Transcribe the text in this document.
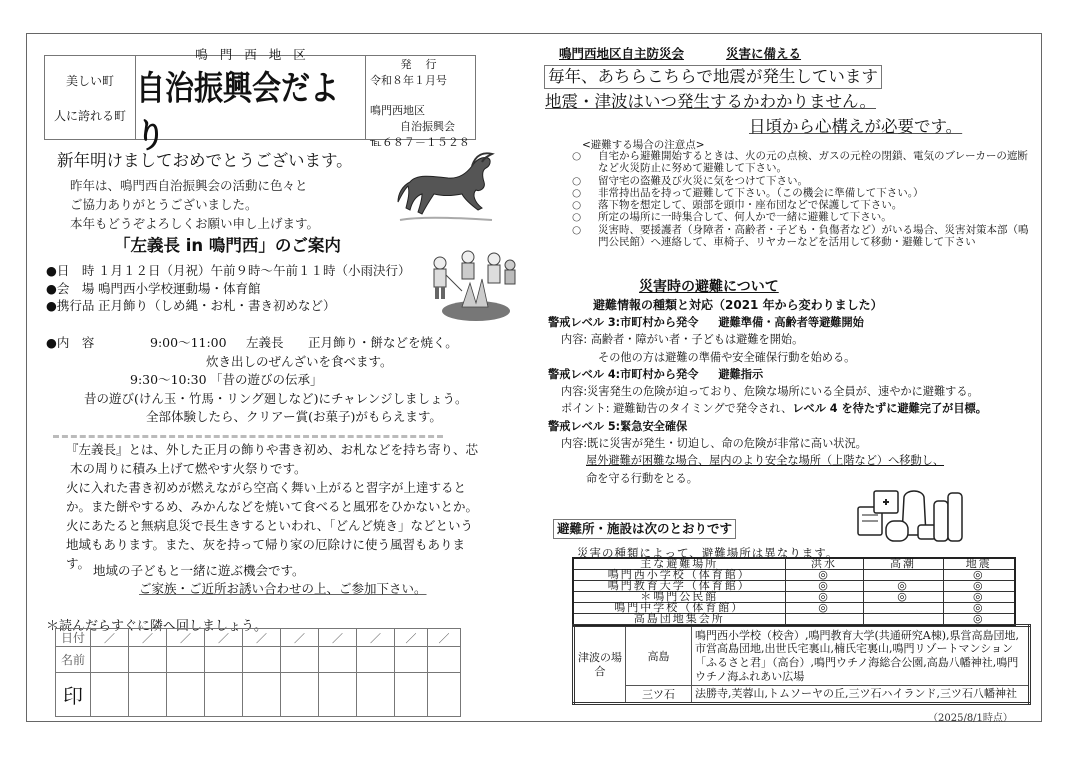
美しい町
人に誇れる町
鳴門西地区
自治振興会だより
発行
令和８年１月号
鳴門西地区
自治振興会
℡６８７－１５２８
新年明けましておめでとうございます。
昨年は、鳴門西自治振興会の活動に色々と
ご協力ありがとうございました。
本年もどうぞよろしくお願い申し上げます。
「左義長 in 鳴門西」のご案内
●日　時 １月１２日（月祝）午前９時～午前１１時（小雨決行）
●会　場 鳴門西小学校運動場・体育館
●携行品 正月飾り（しめ縄・お札・書き初めなど）
●内　容	9:00～11:00 左義長 正月飾り・餅などを焼く。
炊き出しのぜんざいを食べます。
9:30～10:30 「昔の遊びの伝承」
昔の遊び(けん玉・竹馬・リング廻しなど)にチャレンジしましょう。
全部体験したら、クリアー賞(お菓子)がもらえます。
『左義長』とは、外した正月の飾りや書き初め、お札などを持ち寄り、芯
木の周りに積み上げて燃やす火祭りです。
火に入れた書き初めが燃えながら空高く舞い上がると習字が上達すると
か。また餅やするめ、みかんなどを焼いて食べると風邪をひかないとか。
火にあたると無病息災で長生きするといわれ、「どんど焼き」などという
地域もあります。また、灰を持って帰り家の厄除けに使う風習もあります。 地域の子どもと一緒に遊ぶ機会です。
ご家族・ご近所お誘い合わせの上、ご参加下さい。
＊読んだらすぐに隣へ回しましょう。
日付	／	／	／	／	／	／	／	／	／	／
名前										
印										
鳴門西地区自主防災会	災害に備える
毎年、あちらこちらで地震が発生しています
地震・津波はいつ発生するかわかりません。
日頃から心構えが必要です。
<避難する場合の注意点>
○	自宅から避難開始するときは、火の元の点検、ガスの元栓の閉鎖、電気のブレーカーの遮断など火災防止に努めて避難して下さい。
○	留守宅の盗難及び火災に気をつけて下さい。
○	非常持出品を持って避難して下さい。（この機会に準備して下さい。）
○	落下物を想定して、頭部を頭巾・座布団などで保護して下さい。
○	所定の場所に一時集合して、何人かで一緒に避難して下さい。
○	災害時、要援護者（身障者・高齢者・子ども・負傷者など）がいる場合、災害対策本部（鳴門公民館）へ連絡して、車椅子、リヤカーなどを活用して移動・避難して下さい
災害時の避難について
避難情報の種類と対応（2021 年から変わりました）
警戒レベル 3:市町村から発令 避難準備・高齢者等避難開始
内容: 高齢者・障がい者・子どもは避難を開始。
その他の方は避難の準備や安全確保行動を始める。
警戒レベル 4:市町村から発令 避難指示
内容:災害発生の危険が迫っており、危険な場所にいる全員が、速やかに避難する。
ポイント: 避難勧告のタイミングで発令され、レベル 4 を待たずに避難完了が目標。
警戒レベル 5:緊急安全確保
内容:既に災害が発生・切迫し、命の危険が非常に高い状況。
屋外避難が困難な場合、屋内のより安全な場所（上階など）へ移動し、
命を守る行動をとる。
避難所・施設は次のとおりです
災害の種類によって、避難場所は異なります。
主な避難場所	洪水	高潮	地震
鳴門西小学校（体育館）	◎		◎
鳴門教育大学（体育館）	◎	◎	◎
＊鳴門公民館	◎	◎	◎
鳴門中学校（体育館）	◎		◎
高島団地集会所			◎
津波の場合	高島	鳴門西小学校（校舎）,鳴門教育大学(共通研究A棟),県営高島団地,市営高島団地,出世氏宅裏山,楠氏宅裏山,鳴門リゾートマンション「ふるさと君」（高台）,鳴門ウチノ海総合公園,高島八幡神社,鳴門ウチノ海ふれあい広場
	三ツ石	法勝寺,芙蓉山,トムソーヤの丘,三ツ石ハイランド,三ツ石八幡神社
（2025/8/1時点）
